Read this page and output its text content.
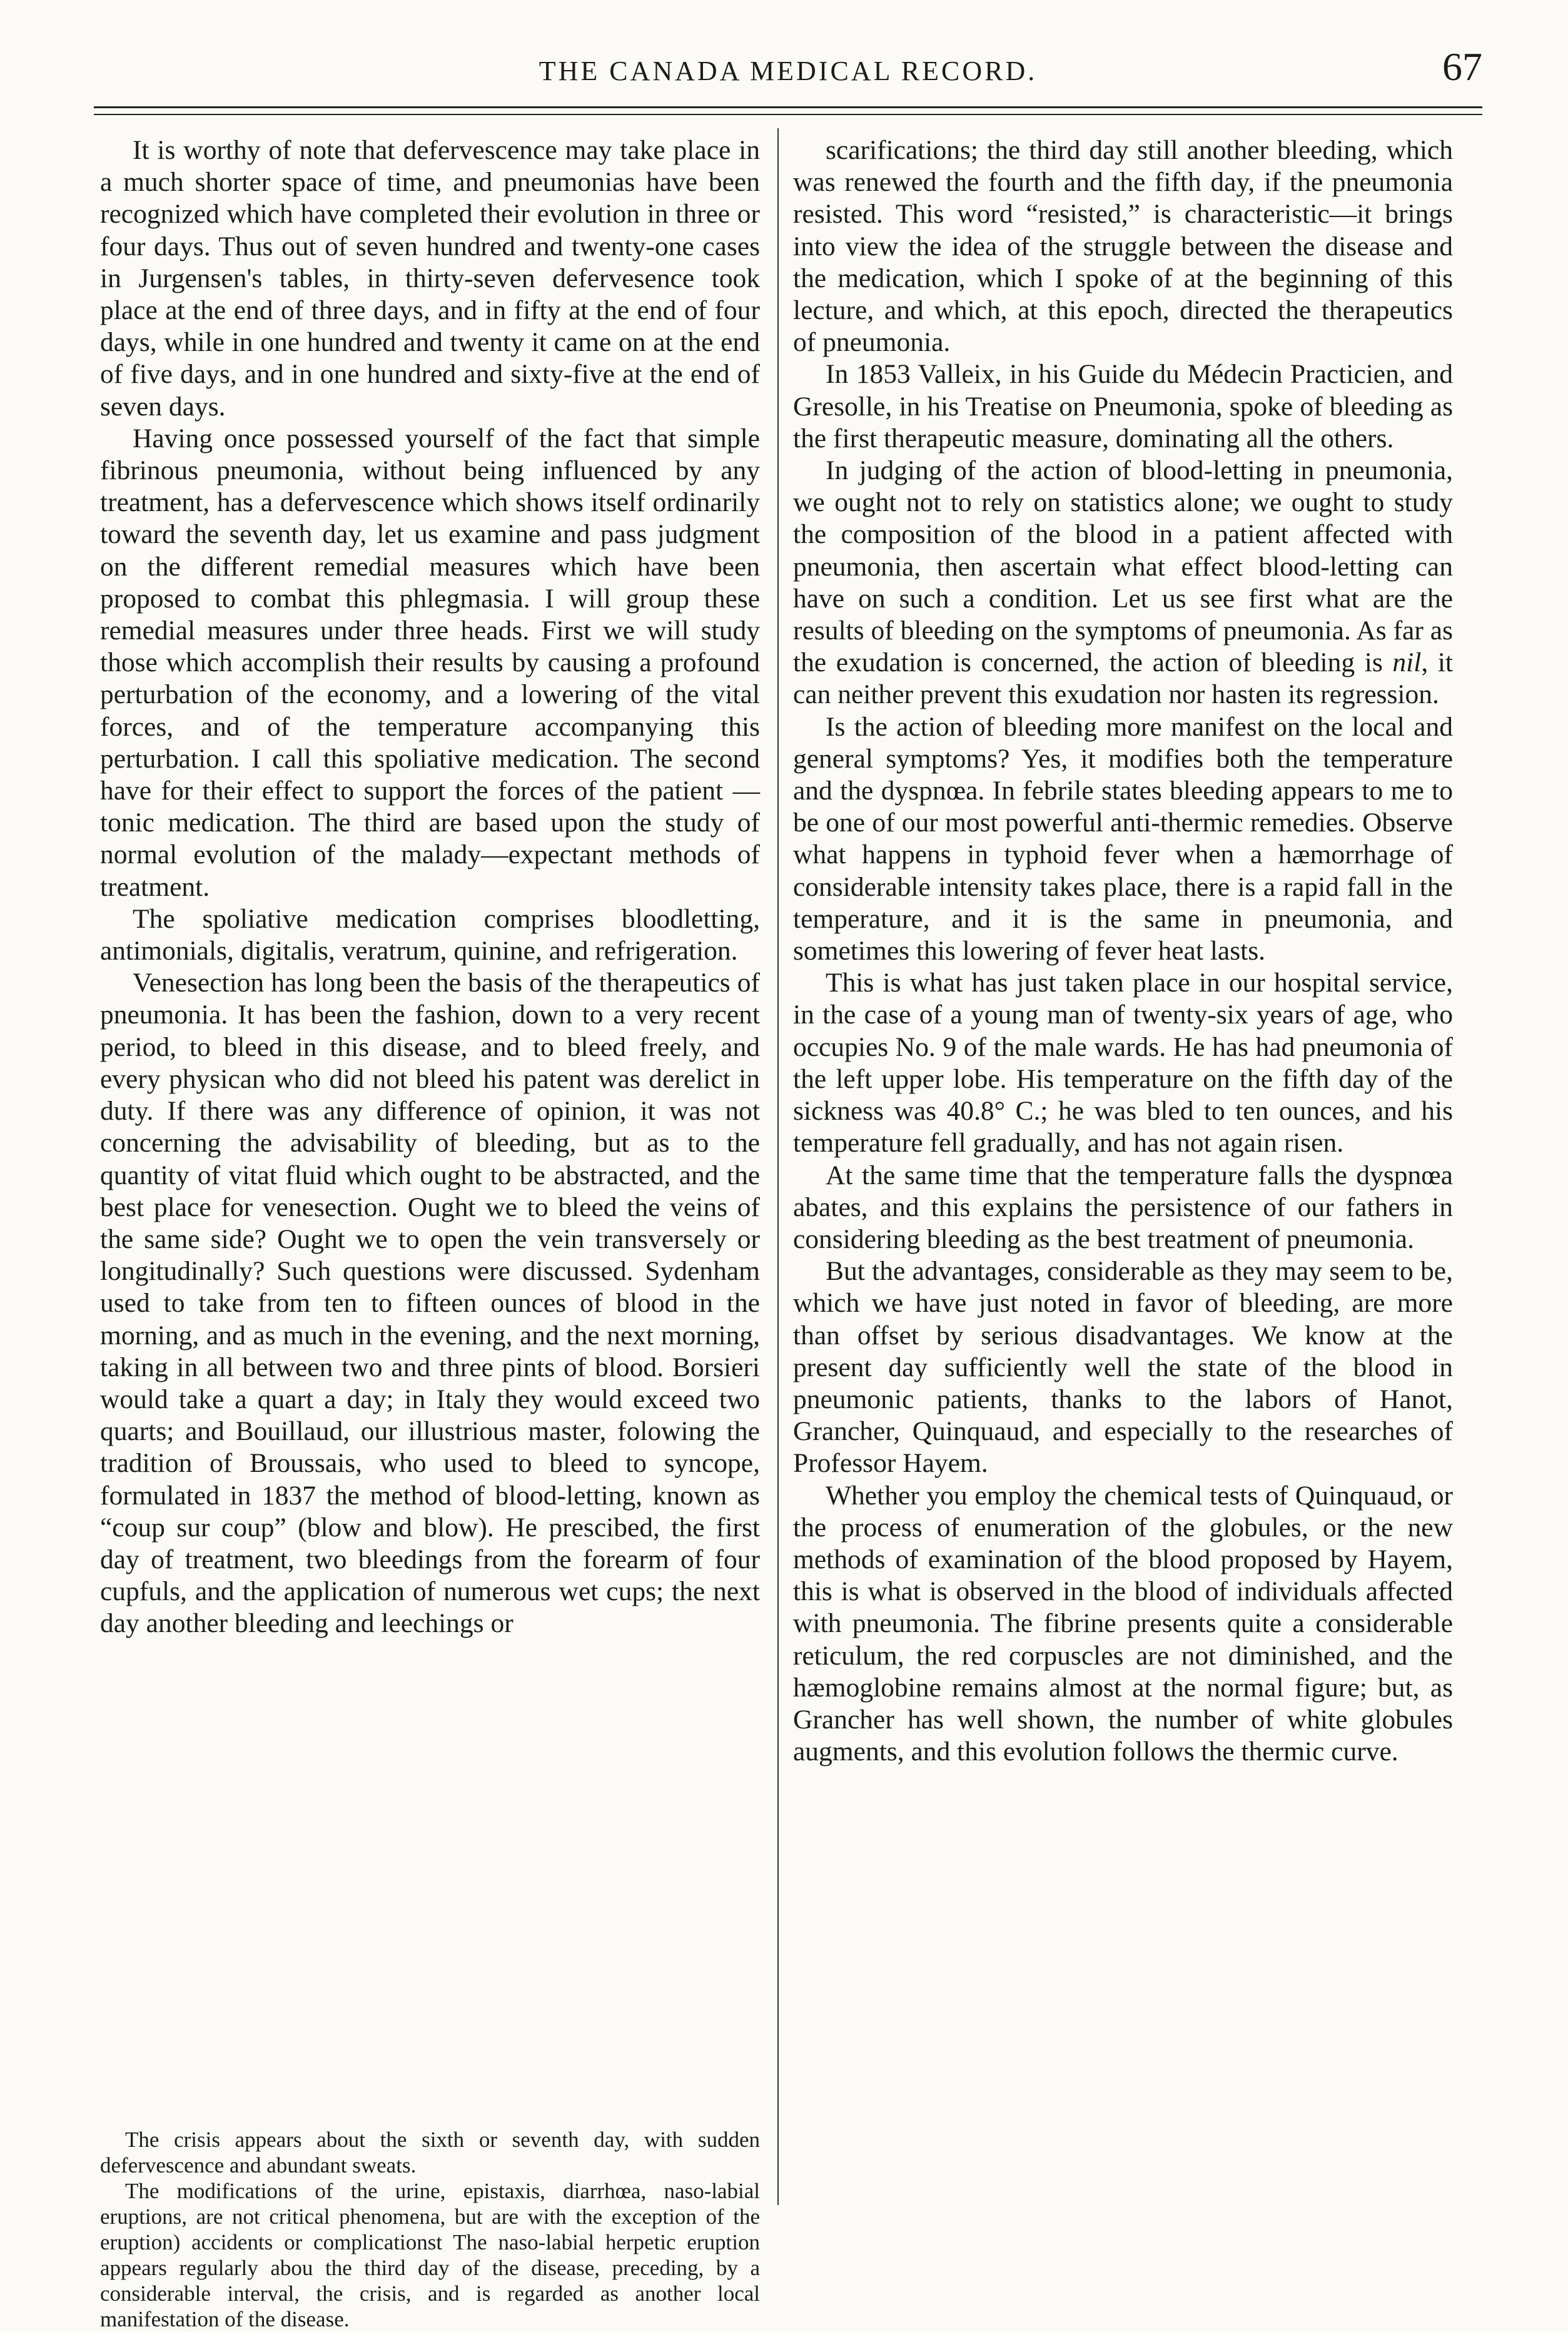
THE CANADA MEDICAL RECORD.	67

It is worthy of note that defervescence may take place in a much shorter space of time, and pneumonias have been recognized which have completed their evolution in three or four days. Thus out of seven hundred and twenty-one cases in Jurgensen's tables, in thirty-seven defervesence took place at the end of three days, and in fifty at the end of four days, while in one hundred and twenty it came on at the end of five days, and in one hundred and sixty-five at the end of seven days.

Having once possessed yourself of the fact that simple fibrinous pneumonia, without being influenced by any treatment, has a defervescence which shows itself ordinarily toward the seventh day, let us examine and pass judgment on the different remedial measures which have been proposed to combat this phlegmasia. I will group these remedial measures under three heads. First we will study those which accomplish their results by causing a profound perturbation of the economy, and a lowering of the vital forces, and of the temperature accompanying this perturbation. I call this spoliative medication. The second have for their effect to support the forces of the patient —tonic medication. The third are based upon the study of normal evolution of the malady—expectant methods of treatment.

The spoliative medication comprises bloodletting, antimonials, digitalis, veratrum, quinine, and refrigeration.

Venesection has long been the basis of the therapeutics of pneumonia. It has been the fashion, down to a very recent period, to bleed in this disease, and to bleed freely, and every physican who did not bleed his patent was derelict in duty. If there was any difference of opinion, it was not concerning the advisability of bleeding, but as to the quantity of vitat fluid which ought to be abstracted, and the best place for venesection. Ought we to bleed the veins of the same side? Ought we to open the vein transversely or longitudinally? Such questions were discussed. Sydenham used to take from ten to fifteen ounces of blood in the morning, and as much in the evening, and the next morning, taking in all between two and three pints of blood. Borsieri would take a quart a day; in Italy they would exceed two quarts; and Bouillaud, our illustrious master, folowing the tradition of Broussais, who used to bleed to syncope, formulated in 1837 the method of blood-letting, known as “coup sur coup” (blow and blow). He prescibed, the first day of treatment, two bleedings from the forearm of four cupfuls, and the application of numerous wet cups; the next day another bleeding and leechings or

The crisis appears about the sixth or seventh day, with sudden defervescence and abundant sweats.

The modifications of the urine, epistaxis, diarrhœa, naso-labial eruptions, are not critical phenomena, but are with the exception of the eruption) accidents or complicationst The naso-labial herpetic eruption appears regularly abou the third day of the disease, preceding, by a considerable interval, the crisis, and is regarded as another local manifestation of the disease.

scarifications; the third day still another bleeding, which was renewed the fourth and the fifth day, if the pneumonia resisted. This word “resisted,” is characteristic—it brings into view the idea of the struggle between the disease and the medication, which I spoke of at the beginning of this lecture, and which, at this epoch, directed the therapeutics of pneumonia.

In 1853 Valleix, in his Guide du Médecin Practicien, and Gresolle, in his Treatise on Pneumonia, spoke of bleeding as the first therapeutic measure, dominating all the others.

In judging of the action of blood-letting in pneumonia, we ought not to rely on statistics alone; we ought to study the composition of the blood in a patient affected with pneumonia, then ascertain what effect blood-letting can have on such a condition. Let us see first what are the results of bleeding on the symptoms of pneumonia. As far as the exudation is concerned, the action of bleeding is nil, it can neither prevent this exudation nor hasten its regression.

Is the action of bleeding more manifest on the local and general symptoms? Yes, it modifies both the temperature and the dyspnœa. In febrile states bleeding appears to me to be one of our most powerful anti-thermic remedies. Observe what happens in typhoid fever when a hæmorrhage of considerable intensity takes place, there is a rapid fall in the temperature, and it is the same in pneumonia, and sometimes this lowering of fever heat lasts.

This is what has just taken place in our hospital service, in the case of a young man of twenty-six years of age, who occupies No. 9 of the male wards. He has had pneumonia of the left upper lobe. His temperature on the fifth day of the sickness was 40.8° C.; he was bled to ten ounces, and his temperature fell gradually, and has not again risen.

At the same time that the temperature falls the dyspnœa abates, and this explains the persistence of our fathers in considering bleeding as the best treatment of pneumonia.

But the advantages, considerable as they may seem to be, which we have just noted in favor of bleeding, are more than offset by serious disadvantages. We know at the present day sufficiently well the state of the blood in pneumonic patients, thanks to the labors of Hanot, Grancher, Quinquaud, and especially to the researches of Professor Hayem.

Whether you employ the chemical tests of Quinquaud, or the process of enumeration of the globules, or the new methods of examination of the blood proposed by Hayem, this is what is observed in the blood of individuals affected with pneumonia. The fibrine presents quite a considerable reticulum, the red corpuscles are not diminished, and the hæmoglobine remains almost at the normal figure; but, as Grancher has well shown, the number of white globules augments, and this evolution follows the thermic curve.
